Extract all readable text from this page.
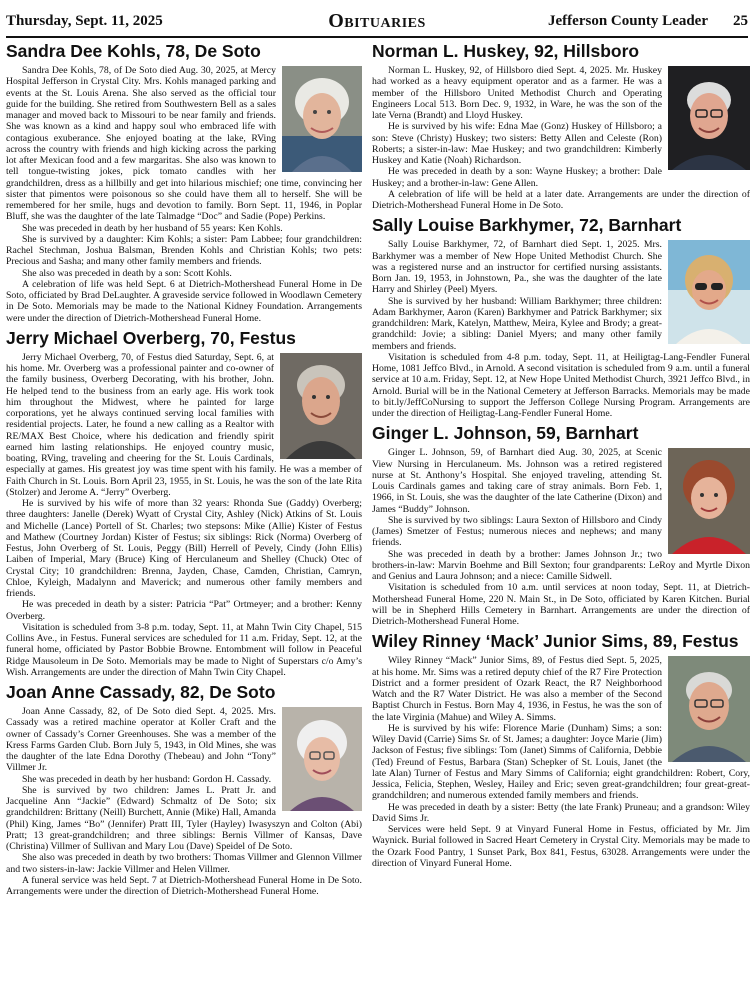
Thursday, Sept. 11, 2025	Obituaries	Jefferson County Leader 25
Sandra Dee Kohls, 78, De Soto

Sandra Dee Kohls, 78, of De Soto died Aug. 30, 2025, at Mercy Hospital Jefferson in Crystal City. Mrs. Kohls managed parking and events at the St. Louis Arena. She also served as the official tour guide for the building. She retired from Southwestern Bell as a sales manager and moved back to Missouri to be near family and friends. She was known as a kind and happy soul who embraced life with contagious exuberance. She enjoyed boating at the lake, RVing across the country with friends and high kicking across the parking lot after Mexican food and a few margaritas. She also was known to tell tongue-twisting jokes, pick tomato candles with her grandchildren, dress as a hillbilly and get into hilarious mischief; one time, convincing her sister that pimentos were poisonous so she could have them all to herself. She will be remembered for her smile, hugs and devotion to family. Born Sept. 11, 1946, in Poplar Bluff, she was the daughter of the late Talmadge “Doc” and Sadie (Pope) Perkins.

She was preceded in death by her husband of 55 years: Ken Kohls.

She is survived by a daughter: Kim Kohls; a sister: Pam Labbee; four grandchildren: Rachel Stechman, Joshua Balsman, Brenden Kohls and Christian Kohls; two pets: Precious and Sasha; and many other family members and friends.

She also was preceded in death by a son: Scott Kohls.

A celebration of life was held Sept. 6 at Dietrich-Mothershead Funeral Home in De Soto, officiated by Brad DeLaughter. A graveside service followed in Woodlawn Cemetery in De Soto. Memorials may be made to the National Kidney Foundation. Arrangements were under the direction of Dietrich-Mothershead Funeral Home.

Jerry Michael Overberg, 70, Festus

Jerry Michael Overberg, 70, of Festus died Saturday, Sept. 6, at his home. Mr. Overberg was a professional painter and co-owner of the family business, Overberg Decorating, with his brother, John. He helped tend to the business from an early age. His work took him throughout the Midwest, where he painted for large corporations, yet he always continued serving local families with residential projects. Later, he found a new calling as a Realtor with RE/MAX Best Choice, where his dedication and friendly spirit earned him lasting relationships. He enjoyed country music, boating, RVing, traveling and cheering for the St. Louis Cardinals, especially at games. His greatest joy was time spent with his family. He was a member of Faith Church in St. Louis. Born April 23, 1955, in St. Louis, he was the son of the late Rita (Stolzer) and Jerome A. “Jerry” Overberg.

He is survived by his wife of more than 32 years: Rhonda Sue (Gaddy) Overberg; three daughters: Janelle (Derek) Wyatt of Crystal City, Ashley (Nick) Atkins of St. Louis and Michelle (Lance) Portell of St. Charles; two stepsons: Mike (Allie) Kister of Festus and Mathew (Courtney Jordan) Kister of Festus; six siblings: Rick (Norma) Overberg of Festus, John Overberg of St. Louis, Peggy (Bill) Herrell of Pevely, Cindy (John Ellis) Laiben of Imperial, Mary (Bruce) King of Herculaneum and Shelley (Chuck) Otec of Crystal City; 10 grandchildren: Brenna, Jayden, Chase, Camden, Christian, Camryn, Chloe, Kyleigh, Madalynn and Maverick; and numerous other family members and friends.

He was preceded in death by a sister: Patricia “Pat” Ortmeyer; and a brother: Kenny Overberg.

Visitation is scheduled from 3-8 p.m. today, Sept. 11, at Mahn Twin City Chapel, 515 Collins Ave., in Festus. Funeral services are scheduled for 11 a.m. Friday, Sept. 12, at the funeral home, officiated by Pastor Bobbie Browne. Entombment will follow in Peaceful Ridge Mausoleum in De Soto. Memorials may be made to Night of Superstars c/o Amy’s Wish. Arrangements are under the direction of Mahn Twin City Chapel.

Joan Anne Cassady, 82, De Soto

Joan Anne Cassady, 82, of De Soto died Sept. 4, 2025. Mrs. Cassady was a retired machine operator at Koller Craft and the owner of Cassady’s Corner Greenhouses. She was a member of the Kress Farms Garden Club. Born July 5, 1943, in Old Mines, she was the daughter of the late Edna Dorothy (Thebeau) and John “Tony” Villmer Jr.

She was preceded in death by her husband: Gordon H. Cassady.

She is survived by two children: James L. Pratt Jr. and Jacqueline Ann “Jackie” (Edward) Schmaltz of De Soto; six grandchildren: Brittany (Neill) Burchett, Annie (Mike) Hall, Amanda (Phil) King, James “Bo” (Jennifer) Pratt III, Tyler (Hayley) Iwasyszyn and Colton (Abi) Pratt; 13 great-grandchildren; and three siblings: Bernis Villmer of Kansas, Dave (Christina) Villmer of Sullivan and Mary Lou (Dave) Speidel of De Soto.

She also was preceded in death by two brothers: Thomas Villmer and Glennon Villmer and two sisters-in-law: Jackie Villmer and Helen Villmer.

A funeral service was held Sept. 7 at Dietrich-Mothershead Funeral Home in De Soto. Arrangements were under the direction of Dietrich-Mothershead Funeral Home.

Norman L. Huskey, 92, Hillsboro

Norman L. Huskey, 92, of Hillsboro died Sept. 4, 2025. Mr. Huskey had worked as a heavy equipment operator and as a farmer. He was a member of the Hillsboro United Methodist Church and Operating Engineers Local 513. Born Dec. 9, 1932, in Ware, he was the son of the late Verna (Brandt) and Lloyd Huskey.

He is survived by his wife: Edna Mae (Gonz) Huskey of Hillsboro; a son: Steve (Christy) Huskey; two sisters: Betty Allen and Celeste (Ron) Roberts; a sister-in-law: Mae Huskey; and two grandchildren: Kimberly Huskey and Katie (Noah) Richardson.

He was preceded in death by a son: Wayne Huskey; a brother: Dale Huskey; and a brother-in-law: Gene Allen.

A celebration of life will be held at a later date. Arrangements are under the direction of Dietrich-Mothershead Funeral Home in De Soto.

Sally Louise Barkhymer, 72, Barnhart

Sally Louise Barkhymer, 72, of Barnhart died Sept. 1, 2025. Mrs. Barkhymer was a member of New Hope United Methodist Church. She was a registered nurse and an instructor for certified nursing assistants. Born Jan. 19, 1953, in Johnstown, Pa., she was the daughter of the late Harry and Shirley (Peel) Myers.

She is survived by her husband: William Barkhymer; three children: Adam Barkhymer, Aaron (Karen) Barkhymer and Patrick Barkhymer; six grandchildren: Mark, Katelyn, Matthew, Meira, Kylee and Brody; a great-grandchild: Jovie; a sibling: Daniel Myers; and many other family members and friends.

Visitation is scheduled from 4-8 p.m. today, Sept. 11, at Heiligtag-Lang-Fendler Funeral Home, 1081 Jeffco Blvd., in Arnold. A second visitation is scheduled from 9 a.m. until a funeral service at 10 a.m. Friday, Sept. 12, at New Hope United Methodist Church, 3921 Jeffco Blvd., in Arnold. Burial will be in the National Cemetery at Jefferson Barracks. Memorials may be made to bit.ly/JeffCoNursing to support the Jefferson College Nursing Program. Arrangements are under the direction of Heiligtag-Lang-Fendler Funeral Home.

Ginger L. Johnson, 59, Barnhart

Ginger L. Johnson, 59, of Barnhart died Aug. 30, 2025, at Scenic View Nursing in Herculaneum. Ms. Johnson was a retired registered nurse at St. Anthony’s Hospital. She enjoyed traveling, attending St. Louis Cardinals games and taking care of stray animals. Born Feb. 1, 1966, in St. Louis, she was the daughter of the late Catherine (Dixon) and James “Buddy” Johnson.

She is survived by two siblings: Laura Sexton of Hillsboro and Cindy (James) Smetzer of Festus; numerous nieces and nephews; and many friends.

She was preceded in death by a brother: James Johnson Jr.; two brothers-in-law: Marvin Boehme and Bill Sexton; four grandparents: LeRoy and Myrtle Dixon and Genius and Laura Johnson; and a niece: Camille Sidwell.

Visitation is scheduled from 10 a.m. until services at noon today, Sept. 11, at Dietrich-Mothershead Funeral Home, 220 N. Main St., in De Soto, officiated by Karen Kitchen. Burial will be in Shepherd Hills Cemetery in Barnhart. Arrangements are under the direction of Dietrich-Mothershead Funeral Home.

Wiley Rinney ‘Mack’ Junior Sims, 89, Festus

Wiley Rinney “Mack” Junior Sims, 89, of Festus died Sept. 5, 2025, at his home. Mr. Sims was a retired deputy chief of the R7 Fire Protection District and a former president of Ozark React, the R7 Neighborhood Watch and the R7 Water District. He was also a member of the Second Baptist Church in Festus. Born May 4, 1936, in Festus, he was the son of the late Virginia (Mahue) and Wiley A. Simms.

He is survived by his wife: Florence Marie (Dunham) Sims; a son: Wiley David (Carrie) Sims Sr. of St. James; a daughter: Joyce Marie (Jim) Jackson of Festus; five siblings: Tom (Janet) Simms of California, Debbie (Ted) Freund of Festus, Barbara (Stan) Schepker of St. Louis, Janet (the late Alan) Turner of Festus and Mary Simms of California; eight grandchildren: Robert, Cory, Jessica, Felicia, Stephen, Wesley, Hailey and Eric; seven great-grandchildren; four great-great-grandchildren; and numerous extended family members and friends.

He was preceded in death by a sister: Betty (the late Frank) Pruneau; and a grandson: Wiley David Sims Jr.

Services were held Sept. 9 at Vinyard Funeral Home in Festus, officiated by Mr. Jim Waynick. Burial followed in Sacred Heart Cemetery in Crystal City. Memorials may be made to the Ozark Food Pantry, 1 Sunset Park, Box 841, Festus, 63028. Arrangements were under the direction of Vinyard Funeral Home.
